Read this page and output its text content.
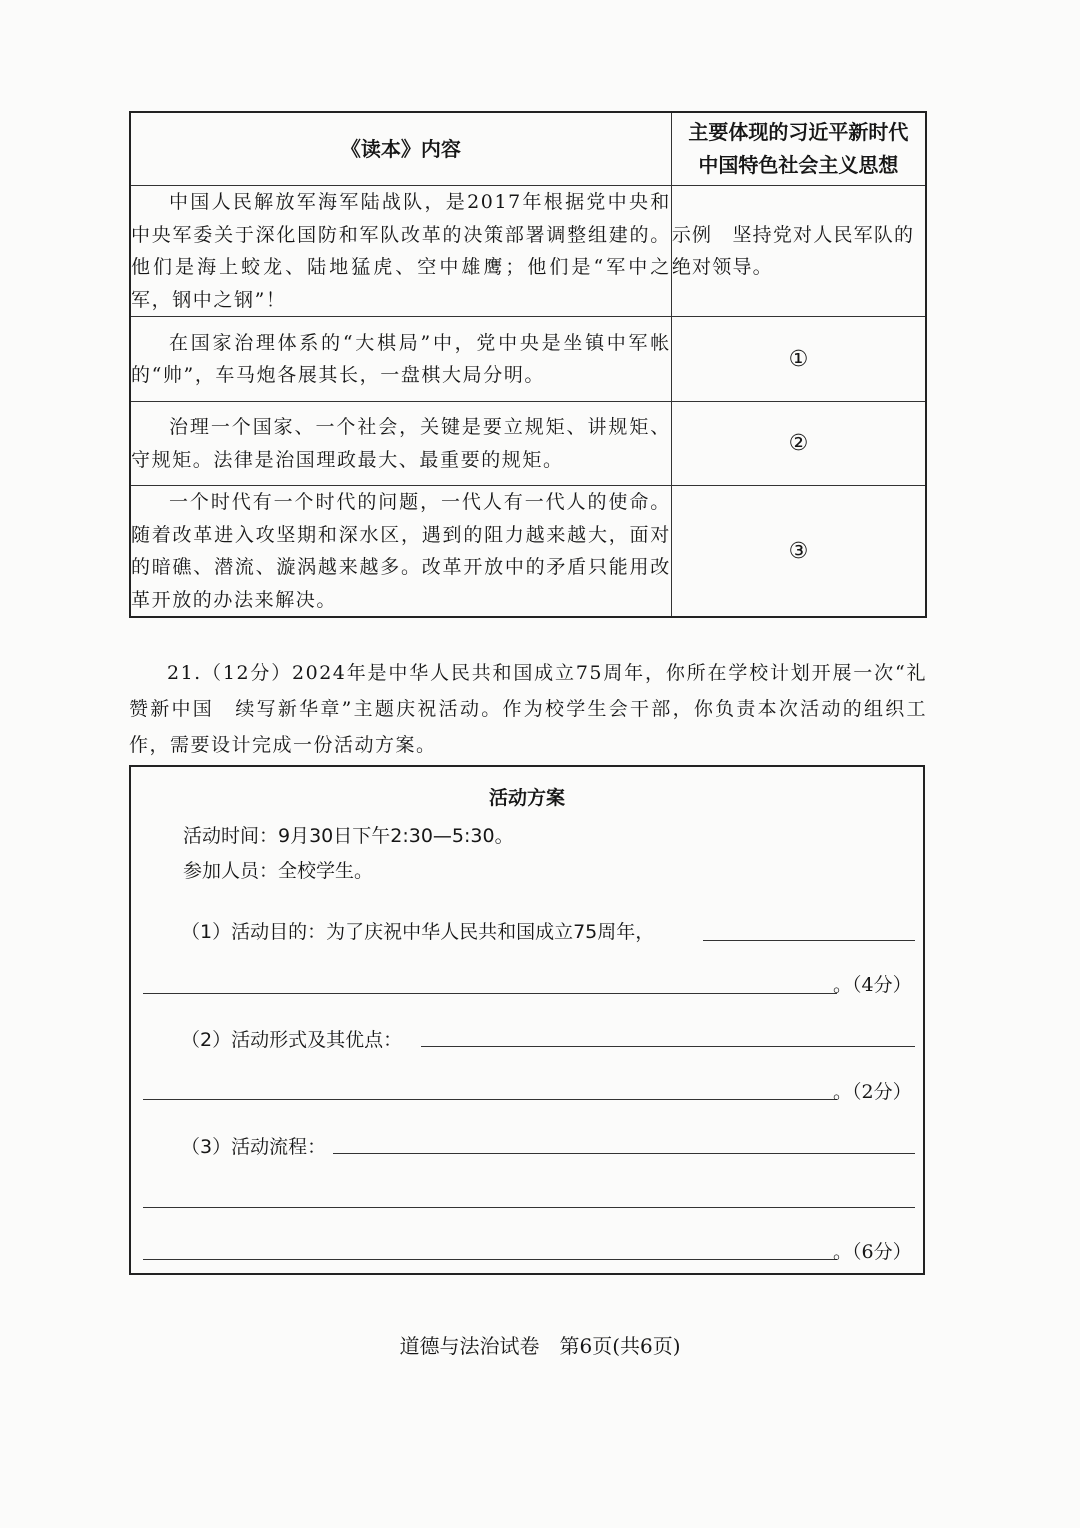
《读本》内容	主要体现的习近平新时代
中国特色社会主义思想

中国人民解放军海军陆战队，是2017年根据党中央和中央军委关于深化国防和军队改革的决策部署调整组建的。他们是海上蛟龙、陆地猛虎、空中雄鹰；他们是“军中之军，钢中之钢”！	示例　坚持党对人民军队的绝对领导。
在国家治理体系的“大棋局”中，党中央是坐镇中军帐的“帅”，车马炮各展其长，一盘棋大局分明。	①
治理一个国家、一个社会，关键是要立规矩、讲规矩、守规矩。法律是治国理政最大、最重要的规矩。	②
一个时代有一个时代的问题，一代人有一代人的使命。随着改革进入攻坚期和深水区，遇到的阻力越来越大，面对的暗礁、潜流、漩涡越来越多。改革开放中的矛盾只能用改革开放的办法来解决。	③

21.（12分）2024年是中华人民共和国成立75周年，你所在学校计划开展一次“礼赞新中国　续写新华章”主题庆祝活动。作为校学生会干部，你负责本次活动的组织工作，需要设计完成一份活动方案。

活动方案
活动时间：9月30日下午2:30—5:30。
参加人员：全校学生。
（1）活动目的：为了庆祝中华人民共和国成立75周年，
。（4分）
（2）活动形式及其优点：
。（2分）
（3）活动流程：
。（6分）
道德与法治试卷　第6页(共6页)
